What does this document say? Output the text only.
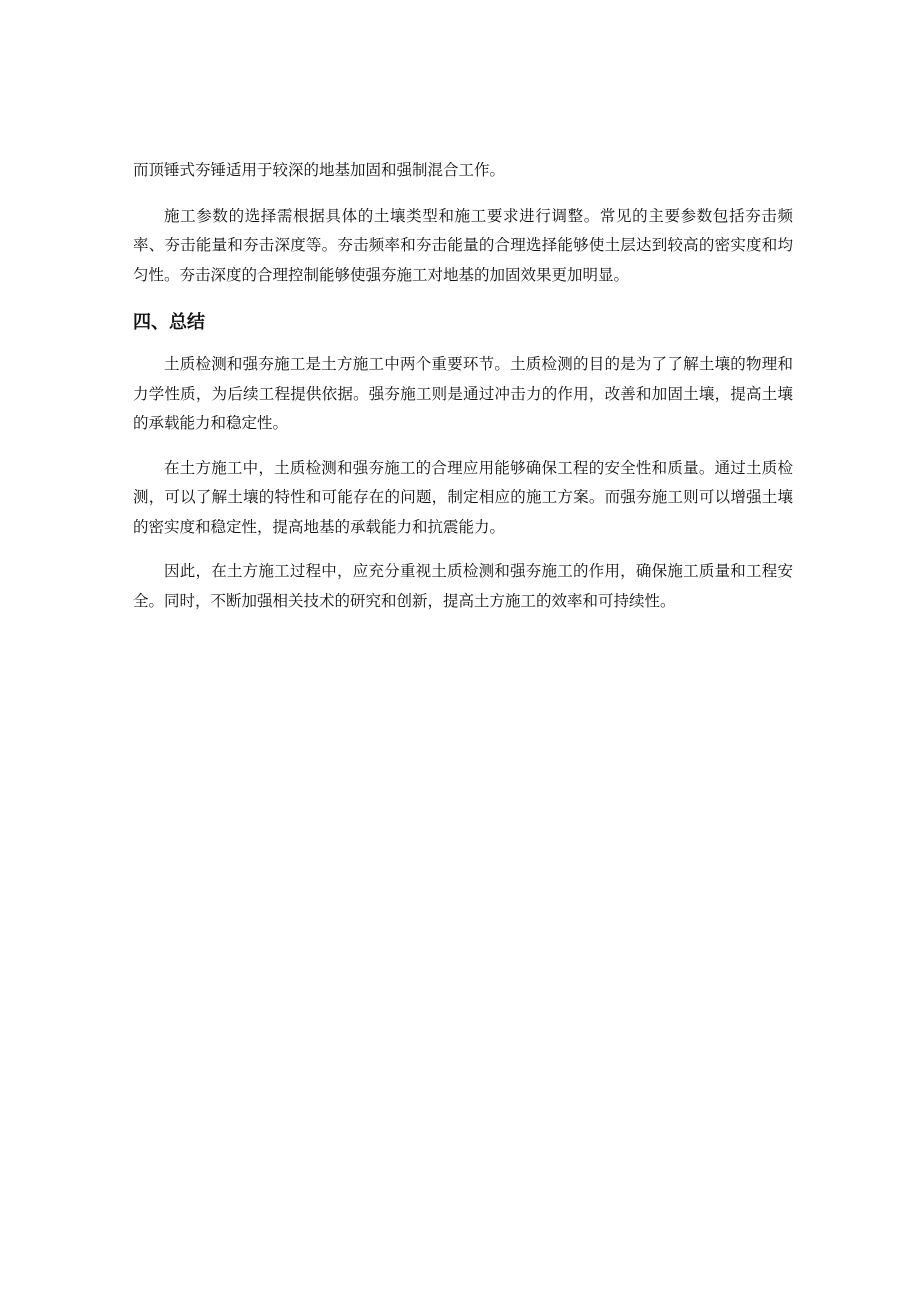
而顶锤式夯锤适用于较深的地基加固和强制混合工作。

施工参数的选择需根据具体的土壤类型和施工要求进行调整。常见的主要参数包括夯击频率、夯击能量和夯击深度等。夯击频率和夯击能量的合理选择能够使土层达到较高的密实度和均匀性。夯击深度的合理控制能够使强夯施工对地基的加固效果更加明显。

四、总结

土质检测和强夯施工是土方施工中两个重要环节。土质检测的目的是为了了解土壤的物理和力学性质，为后续工程提供依据。强夯施工则是通过冲击力的作用，改善和加固土壤，提高土壤的承载能力和稳定性。

在土方施工中，土质检测和强夯施工的合理应用能够确保工程的安全性和质量。通过土质检测，可以了解土壤的特性和可能存在的问题，制定相应的施工方案。而强夯施工则可以增强土壤的密实度和稳定性，提高地基的承载能力和抗震能力。

因此，在土方施工过程中，应充分重视土质检测和强夯施工的作用，确保施工质量和工程安全。同时，不断加强相关技术的研究和创新，提高土方施工的效率和可持续性。
